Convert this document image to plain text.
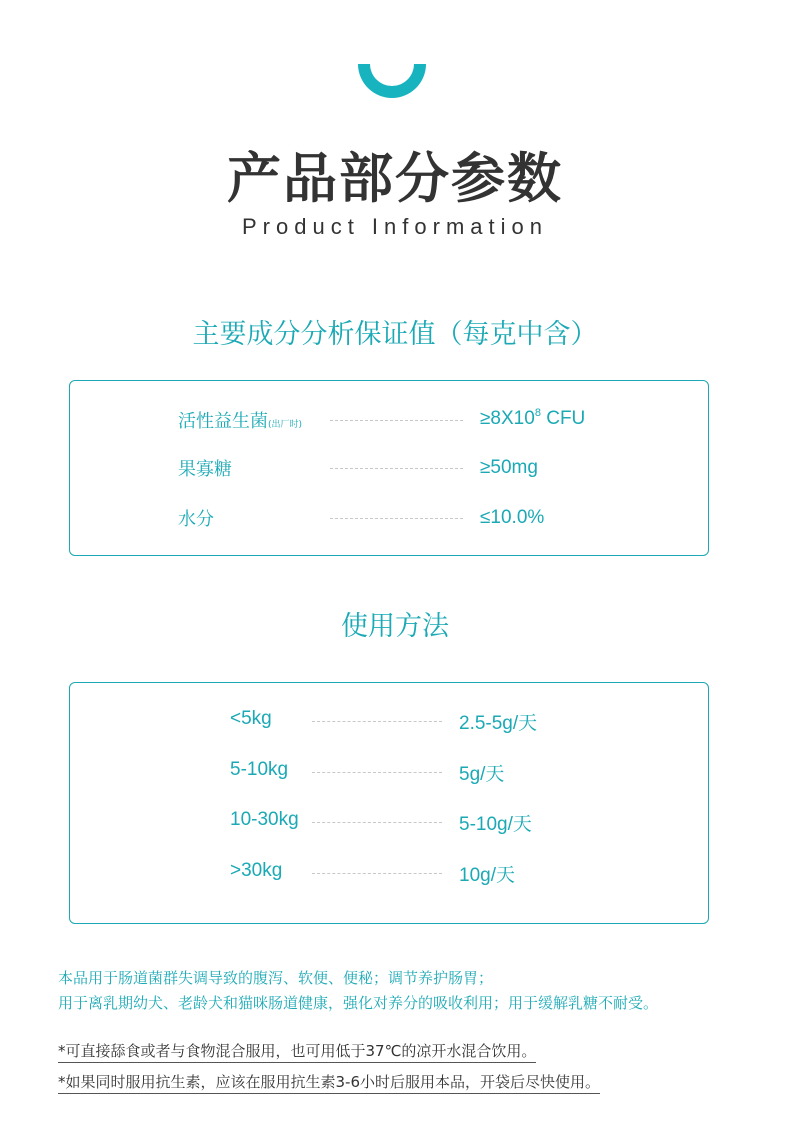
产品部分参数
Product Information
主要成分分析保证值（每克中含）
活性益生菌(出厂时)	$\ge 8X10^8$ CFU
果寡糖	≥50mg
水分	≤10.0%
使用方法
<5kg	2.5-5g/天
5-10kg	5g/天
10-30kg	5-10g/天
>30kg	10g/天
本品用于肠道菌群失调导致的腹泻、软便、便秘；调节养护肠胃；
用于离乳期幼犬、老龄犬和猫咪肠道健康，强化对养分的吸收利用；用于缓解乳糖不耐受。
*可直接舔食或者与食物混合服用，也可用低于37℃的凉开水混合饮用。
*如果同时服用抗生素，应该在服用抗生素3-6小时后服用本品，开袋后尽快使用。
